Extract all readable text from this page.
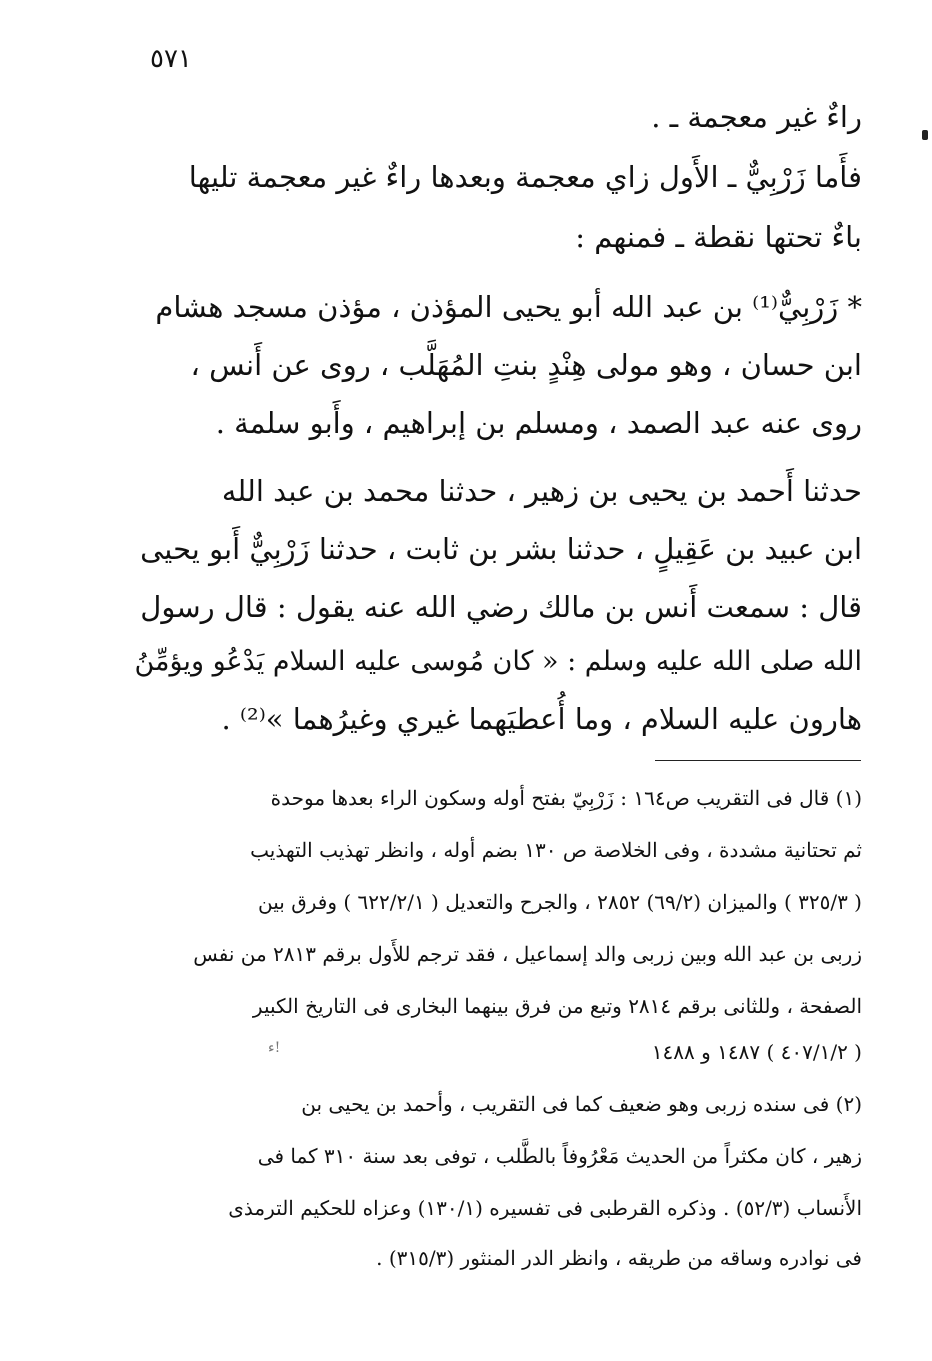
٥٧١
راءٌ غير معجمة ـ .
فأَما زَرْبِيٌّ ـ الأَول زاي معجمة وبعدها راءٌ غير معجمة تليها
باءٌ تحتها نقطة ـ فمنهم :
* زَرْبِيٌّ⁽¹⁾ بن عبد الله أبو يحيى المؤذن ، مؤذن مسجد هشام
ابن حسان ، وهو مولى هِنْدٍ بنتِ المُهَلَّب ، روى عن أَنس ،
روى عنه عبد الصمد ، ومسلم بن إبراهيم ، وأَبو سلمة .
حدثنا أَحمد بن يحيى بن زهير ، حدثنا محمد بن عبد الله
ابن عبيد بن عَقِيلٍ ، حدثنا بشر بن ثابت ، حدثنا زَرْبِيٌّ أَبو يحيى
قال : سمعت أَنس بن مالك رضي الله عنه يقول : قال رسول
الله صلى الله عليه وسلم : « كان مُوسى عليه السلام يَدْعُو ويؤمِّنُ
هارون عليه السلام ، وما أُعطيَهما غيري وغيرُهما »⁽²⁾ .
(١) قال فى التقريب ص١٦٤ : زَرْبِيّ بفتح أوله وسكون الراء بعدها موحدة
ثم تحتانية مشددة ، وفى الخلاصة ص ١٣٠ بضم أوله ، وانظر تهذيب التهذيب
( ٣٢٥/٣ ) والميزان (٦٩/٢) ٢٨٥٢ ، والجرح والتعديل ( ٦٢٢/٢/١ ) وفرق بين
زربى بن عبد الله وبين زربى والد إسماعيل ، فقد ترجم للأَول برقم ٢٨١٣ من نفس
الصفحة ، وللثانى برقم ٢٨١٤ وتبع من فرق بينهما البخارى فى التاريخ الكبير
( ٤٠٧/١/٢ ) ١٤٨٧ و ١٤٨٨
ء!
(٢) فى سنده زربى وهو ضعيف كما فى التقريب ، وأحمد بن يحيى بن
زهير ، كان مكثراً من الحديث مَعْرُوفاً بالطَّلب ، توفى بعد سنة ٣١٠ كما فى
الأَنساب (٥٢/٣) . وذكره القرطبى فى تفسيره (١٣٠/١) وعزاه للحكيم الترمذى
فى نوادره وساقه من طريقه ، وانظر الدر المنثور (٣١٥/٣) .
